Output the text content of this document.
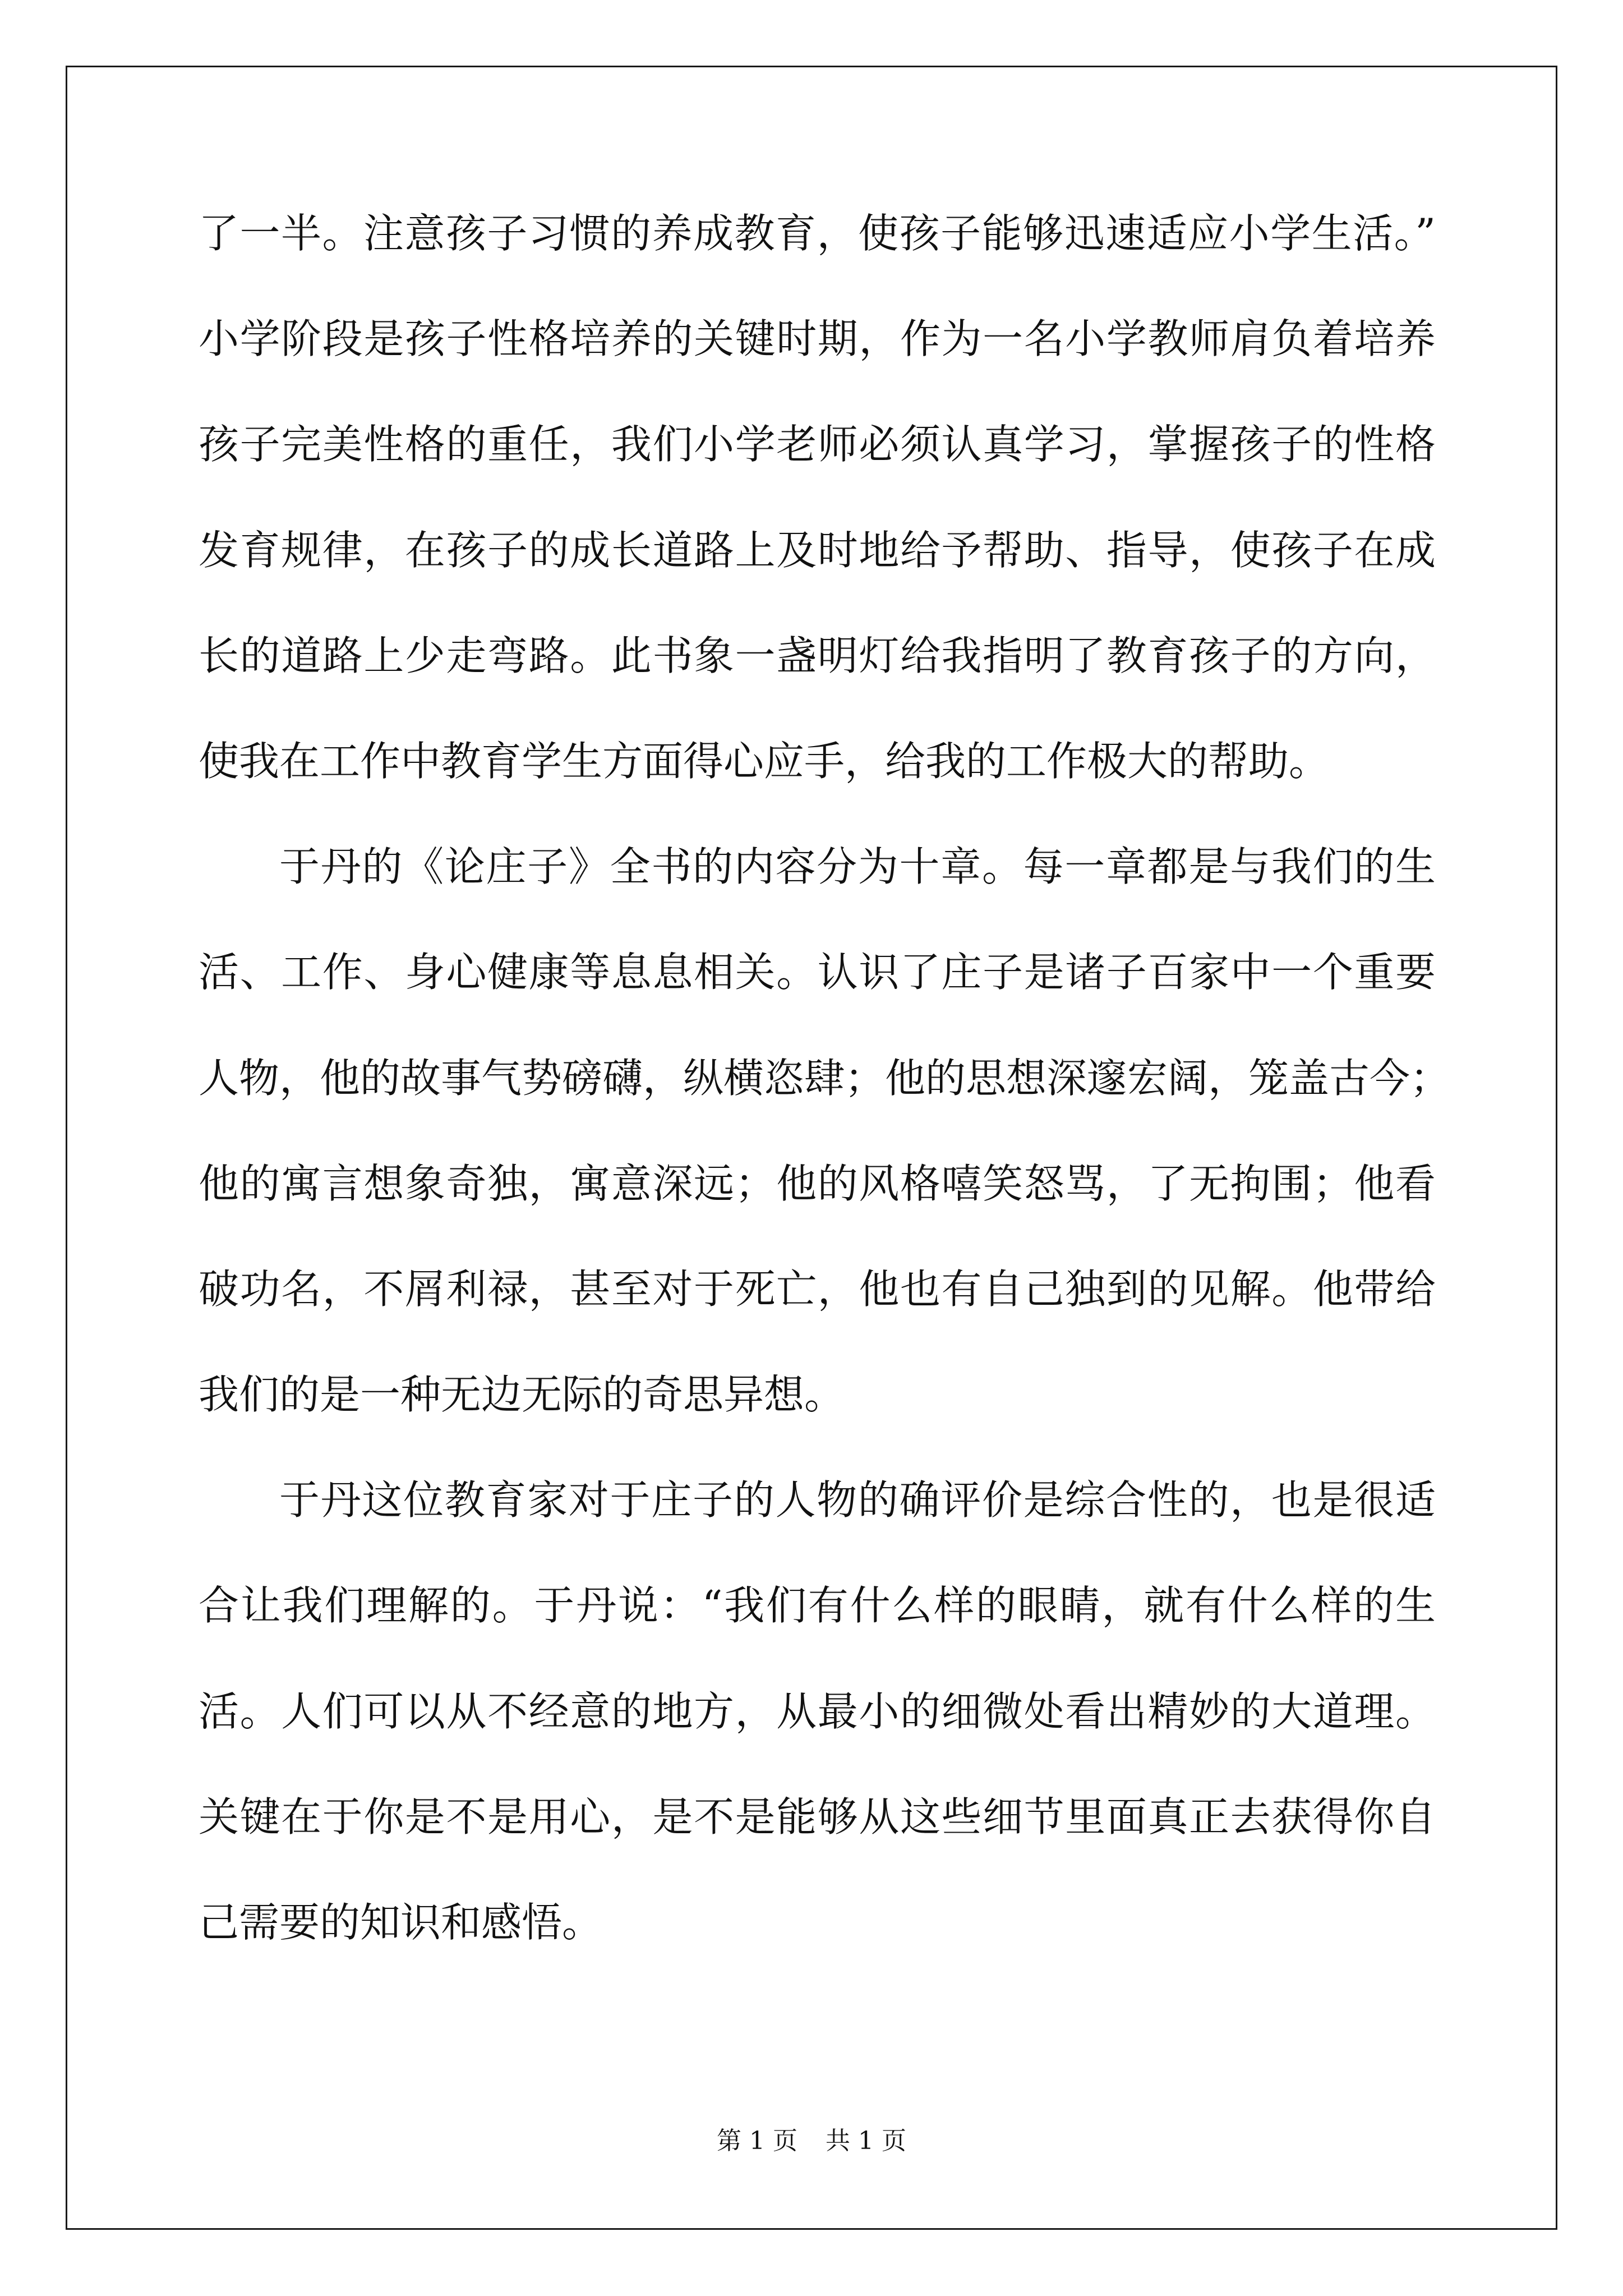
了一半。注意孩子习惯的养成教育，使孩子能够迅速适应小学生活。”
小学阶段是孩子性格培养的关键时期，作为一名小学教师肩负着培养
孩子完美性格的重任，我们小学老师必须认真学习，掌握孩子的性格
发育规律，在孩子的成长道路上及时地给予帮助、指导，使孩子在成
长的道路上少走弯路。此书象一盏明灯给我指明了教育孩子的方向，
使我在工作中教育学生方面得心应手，给我的工作极大的帮助。
于丹的《论庄子》全书的内容分为十章。每一章都是与我们的生
活、工作、身心健康等息息相关。认识了庄子是诸子百家中一个重要
人物，他的故事气势磅礴，纵横恣肆；他的思想深邃宏阔，笼盖古今；
他的寓言想象奇独，寓意深远；他的风格嘻笑怒骂，了无拘围；他看
破功名，不屑利禄，甚至对于死亡，他也有自己独到的见解。他带给
我们的是一种无边无际的奇思异想。
于丹这位教育家对于庄子的人物的确评价是综合性的，也是很适
合让我们理解的。于丹说：“我们有什么样的眼睛，就有什么样的生
活。人们可以从不经意的地方，从最小的细微处看出精妙的大道理。
关键在于你是不是用心，是不是能够从这些细节里面真正去获得你自
己需要的知识和感悟。
第 1 页 共 1 页
